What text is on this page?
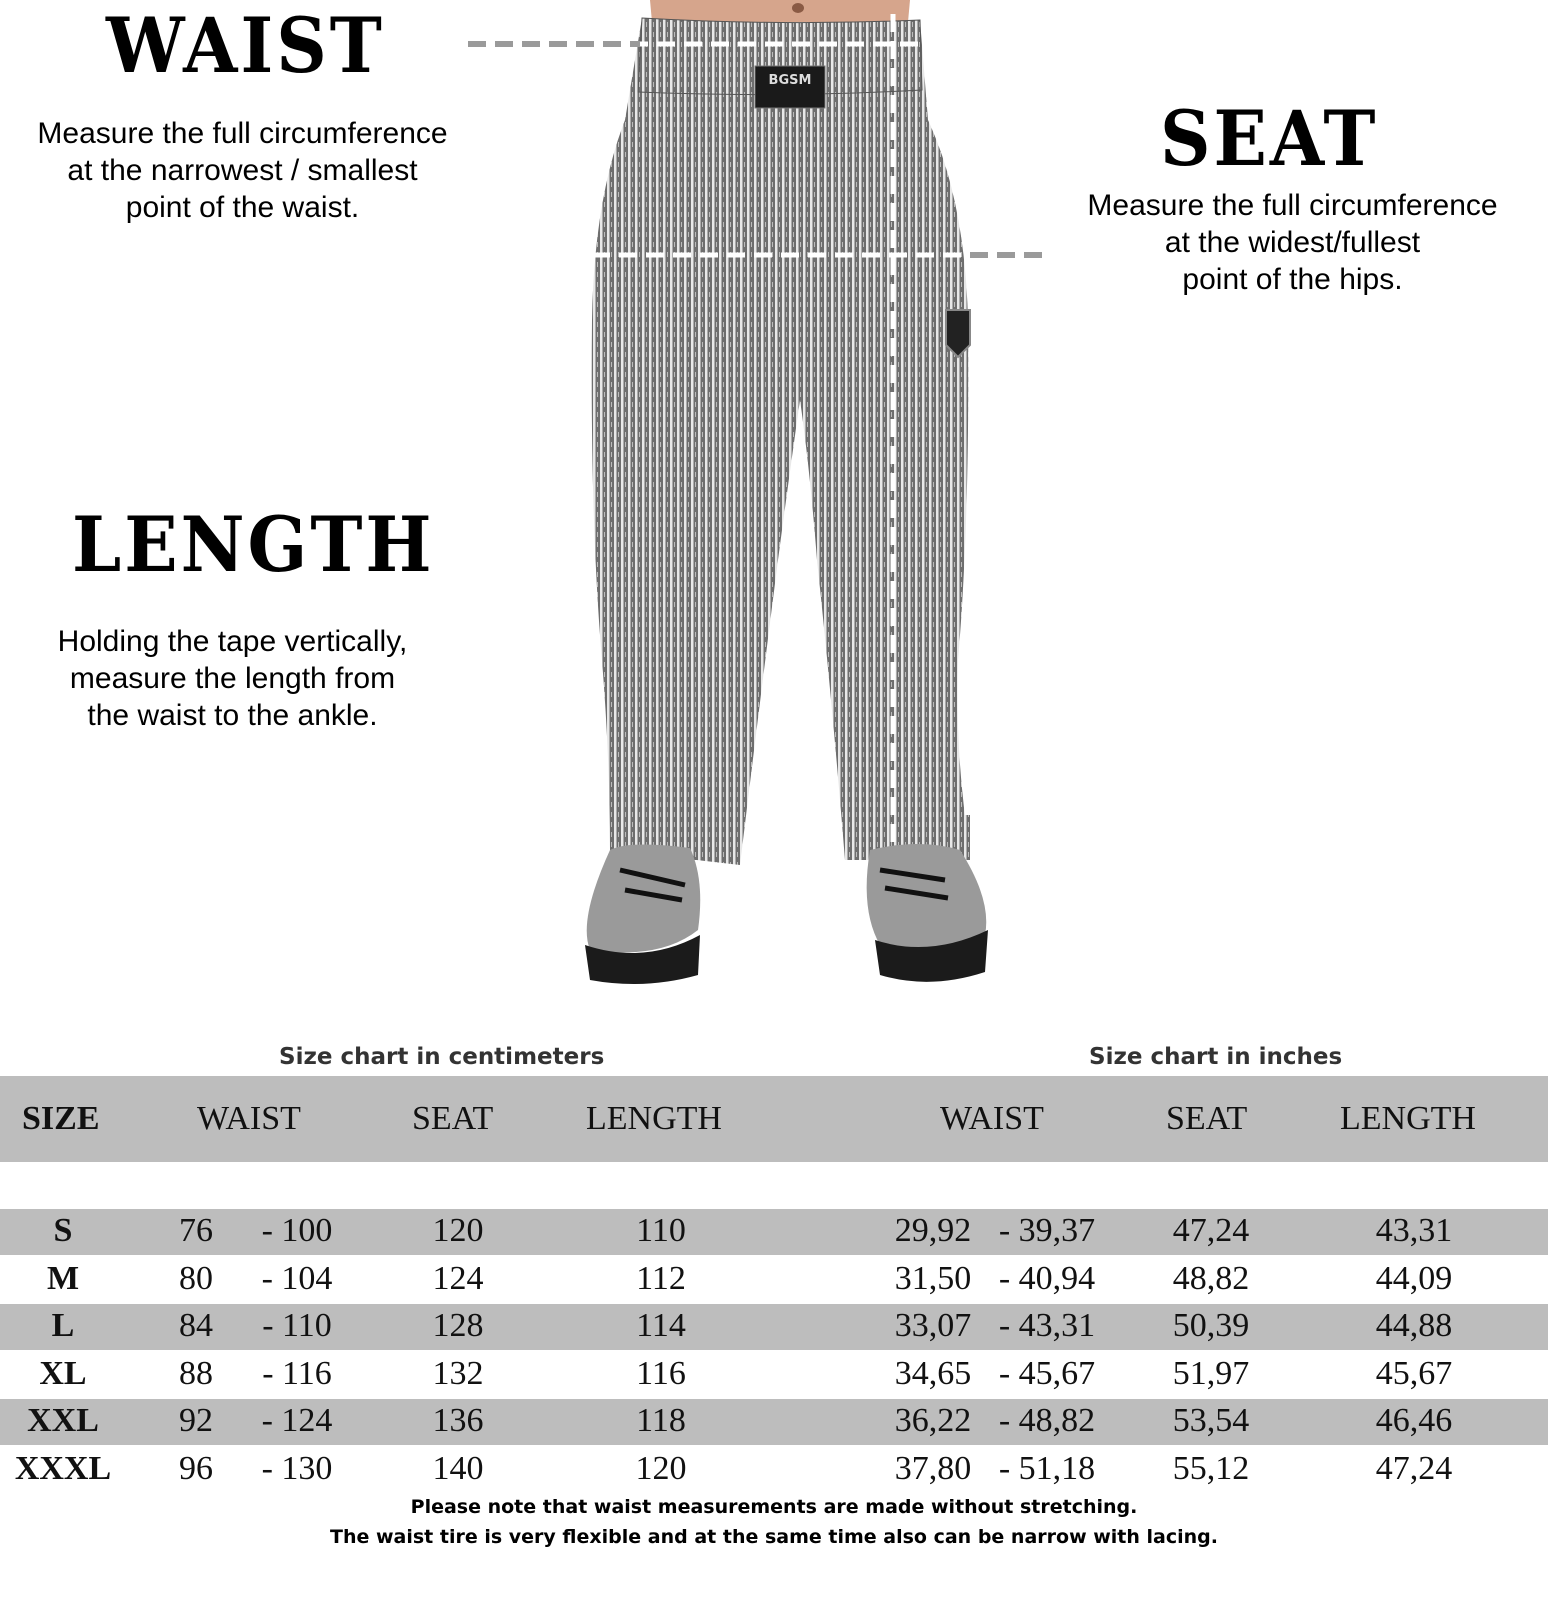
WAIST
Measure the full circumference
at the narrowest / smallest
point of the waist.
SEAT
Measure the full circumference
at the widest/fullest
point of the hips.
LENGTH
Holding the tape vertically,
measure the length from
the waist to the ankle.
BGSM
Size chart in centimeters	Size chart in inches
SIZE	WAIST	SEAT	LENGTH	WAIST	SEAT	LENGTH
S	76	- 100	120	110	29,92 - 39,37	47,24	43,31
M	80	- 104	124	112	31,50 - 40,94	48,82	44,09
L	84	- 110	128	114	33,07 - 43,31	50,39	44,88
XL	88	- 116	132	116	34,65 - 45,67	51,97	45,67
XXL	92	- 124	136	118	36,22 - 48,82	53,54	46,46
XXXL	96	- 130	140	120	37,80 - 51,18	55,12	47,24
Please note that waist measurements are made without stretching.
The waist tire is very flexible and at the same time also can be narrow with lacing.
